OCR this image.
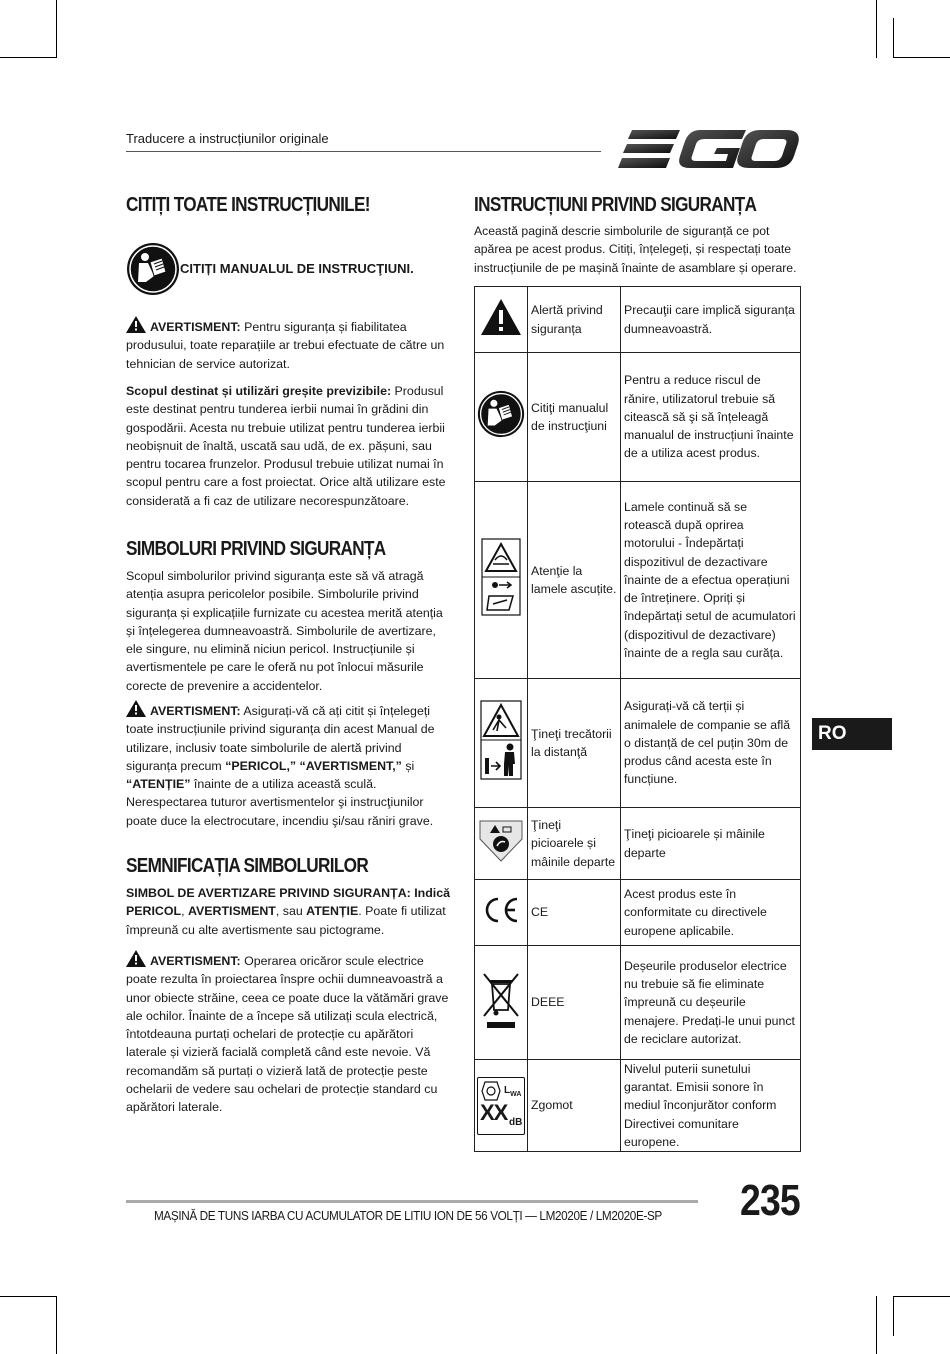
Traducere a instrucțiunilor originale
CITIȚI TOATE INSTRUCȚIUNILE!
CITIȚI MANUALUL DE INSTRUCŢIUNI.

AVERTISMENT: Pentru siguranța și fiabilitatea produsului, toate reparațiile ar trebui efectuate de către un tehnician de service autorizat.

Scopul destinat și utilizări greșite previzibile: Produsul este destinat pentru tunderea ierbii numai în grădini din gospodării. Acesta nu trebuie utilizat pentru tunderea ierbii neobișnuit de înaltă, uscată sau udă, de ex. pășuni, sau pentru tocarea frunzelor. Produsul trebuie utilizat numai în scopul pentru care a fost proiectat. Orice altă utilizare este considerată a fi caz de utilizare necorespunzătoare.

SIMBOLURI PRIVIND SIGURANȚA

Scopul simbolurilor privind siguranța este să vă atragă atenția asupra pericolelor posibile. Simbolurile privind siguranța și explicațiile furnizate cu acestea merită atenția și înțelegerea dumneavoastră. Simbolurile de avertizare, ele singure, nu elimină niciun pericol. Instrucțiunile și avertismentele pe care le oferă nu pot înlocui măsurile corecte de prevenire a accidentelor.

AVERTISMENT: Asigurați-vă că ați citit și înțelegeți toate instrucțiunile privind siguranța din acest Manual de utilizare, inclusiv toate simbolurile de alertă privind siguranța precum “PERICOL,” “AVERTISMENT,” și “ATENȚIE” înainte de a utiliza această sculă. Nerespectarea tuturor avertismentelor şi instrucţiunilor poate duce la electrocutare, incendiu şi/sau răniri grave.

SEMNIFICAȚIA SIMBOLURILOR

SIMBOL DE AVERTIZARE PRIVIND SIGURANȚA: Indică PERICOL, AVERTISMENT, sau ATENȚIE. Poate fi utilizat împreună cu alte avertismente sau pictograme.

AVERTISMENT: Operarea oricăror scule electrice poate rezulta în proiectarea înspre ochii dumneavoastră a unor obiecte străine, ceea ce poate duce la vătămări grave ale ochilor. Înainte de a începe să utilizați scula electrică, întotdeauna purtați ochelari de protecție cu apărători laterale și vizieră facială completă când este nevoie. Vă recomandăm să purtați o vizieră lată de protecție peste ochelarii de vedere sau ochelari de protecție standard cu apărători laterale.

INSTRUCȚIUNI PRIVIND SIGURANȚA

Această pagină descrie simbolurile de siguranță ce pot apărea pe acest produs. Citiți, înțelegeți, și respectați toate instrucțiunile de pe mașină înainte de asamblare și operare.

	Alertă privind siguranța	Precauţii care implică siguranța dumneavoastră.
	Citiţi manualul de instrucţiuni	Pentru a reduce riscul de rănire, utilizatorul trebuie să citească să şi să înțeleagă manualul de instrucțiuni înainte de a utiliza acest produs.
	Atenţie la lamele ascuțite.	Lamele continuă să se rotească după oprirea motorului - Îndepărtați dispozitivul de dezactivare înainte de a efectua operațiuni de întreținere. Opriți și îndepărtați setul de acumulatori (dispozitivul de dezactivare) înainte de a regla sau curăța.
	Ţineţi trecătorii la distanţă	Asigurați-vă că terții și animalele de companie se află o distanță de cel puțin 30m de produs când acesta este în funcțiune.
	Ţineţi picioarele și mâinile departe	Ţineţi picioarele și mâinile departe
	CE	Acest produs este în conformitate cu directivele europene aplicabile.
	DEEE	Deșeurile produselor electrice nu trebuie să fie eliminate împreună cu deșeurile menajere. Predați-le unui punct de reciclare autorizat.

$L_{WA}$
XX dB	Zgomot	Nivelul puterii sunetului garantat. Emisii sonore în mediul înconjurător conform Directivei comunitare europene.
RO
MAȘINĂ DE TUNS IARBA CU ACUMULATOR DE LITIU ION DE 56 VOLȚI — LM2020E / LM2020E-SP 235
